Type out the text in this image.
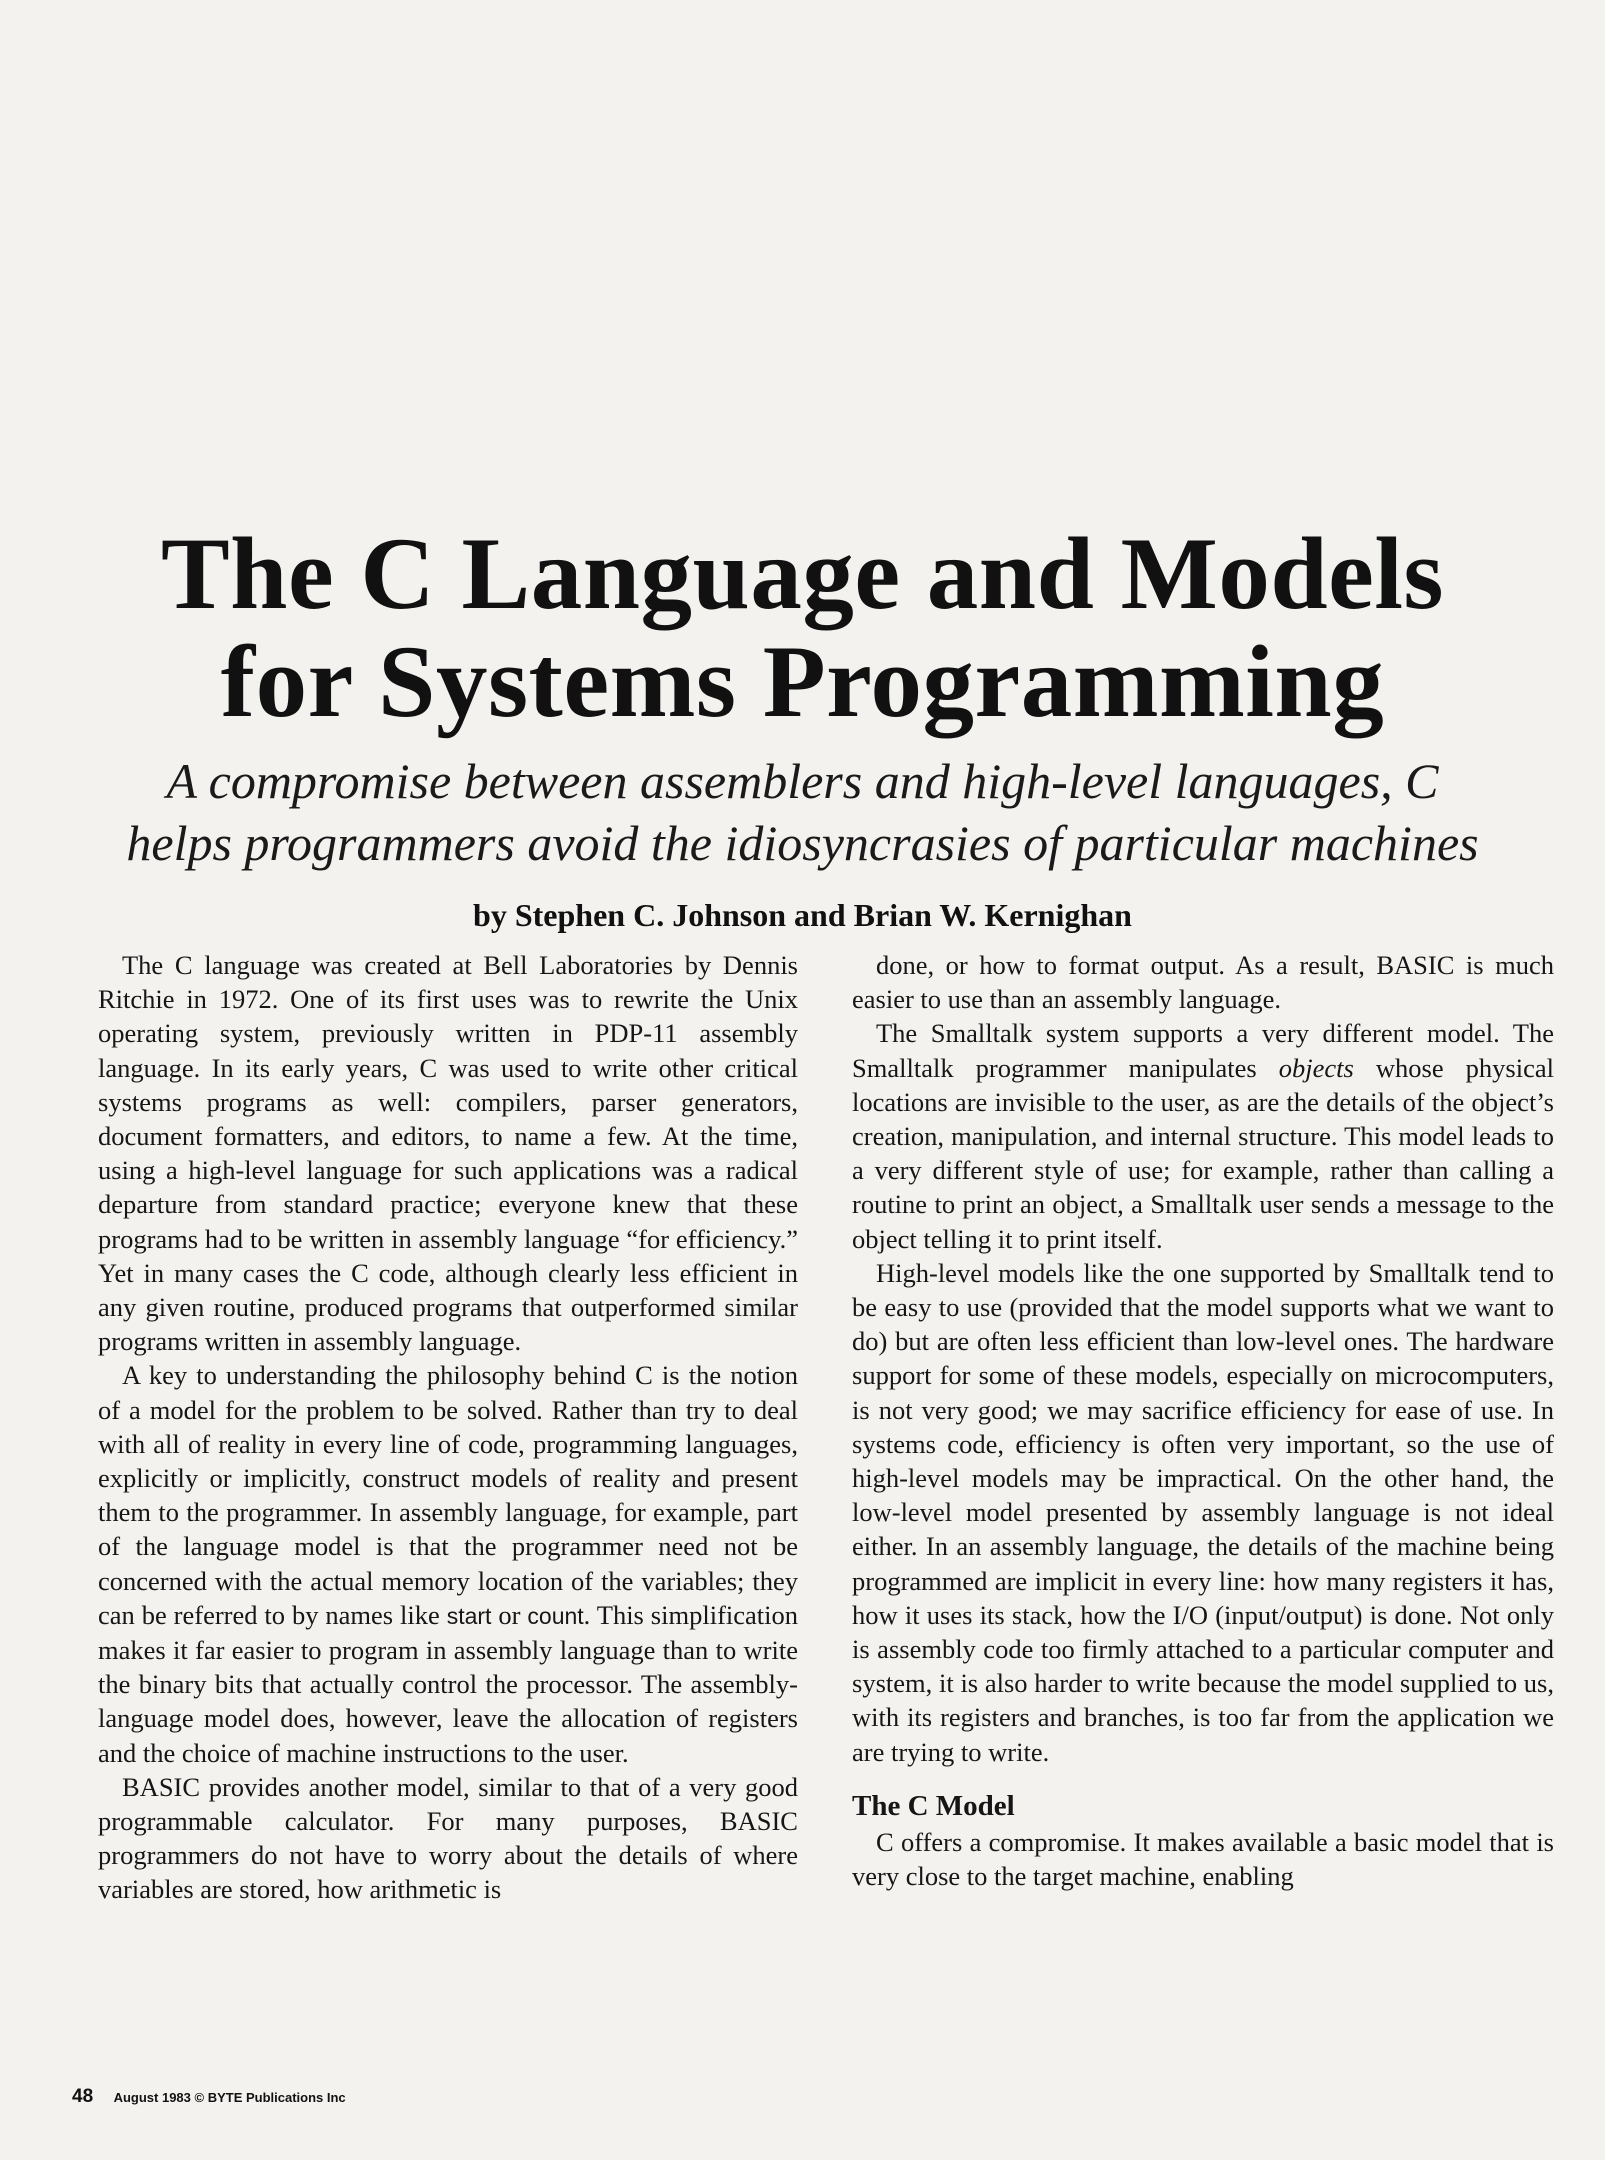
The C Language and Models
for Systems Programming
A compromise between assemblers and high-level languages, C
helps programmers avoid the idiosyncrasies of particular machines
by Stephen C. Johnson and Brian W. Kernighan

The C language was created at Bell Laboratories by Dennis Ritchie in 1972. One of its first uses was to rewrite the Unix operating system, previously written in PDP-11 assembly language. In its early years, C was used to write other critical systems programs as well: compilers, parser generators, document formatters, and editors, to name a few. At the time, using a high-level language for such applications was a radical departure from standard practice; everyone knew that these programs had to be written in assembly language “for efficiency.” Yet in many cases the C code, although clearly less efficient in any given routine, produced programs that outperformed similar programs written in assembly language.

A key to understanding the philosophy behind C is the notion of a model for the problem to be solved. Rather than try to deal with all of reality in every line of code, programming languages, explicitly or implicitly, construct models of reality and present them to the programmer. In assembly language, for example, part of the language model is that the programmer need not be concerned with the actual memory location of the variables; they can be referred to by names like start or count. This simplification makes it far easier to program in assembly language than to write the binary bits that actually control the processor. The assembly-language model does, however, leave the allocation of registers and the choice of machine instructions to the user.

BASIC provides another model, similar to that of a very good programmable calculator. For many purposes, BASIC programmers do not have to worry about the details of where variables are stored, how arithmetic is

done, or how to format output. As a result, BASIC is much easier to use than an assembly language.

The Smalltalk system supports a very different model. The Smalltalk programmer manipulates objects whose physical locations are invisible to the user, as are the details of the object’s creation, manipulation, and internal structure. This model leads to a very different style of use; for example, rather than calling a routine to print an object, a Smalltalk user sends a message to the object telling it to print itself.

High-level models like the one supported by Smalltalk tend to be easy to use (provided that the model supports what we want to do) but are often less efficient than low-level ones. The hardware support for some of these models, especially on microcomputers, is not very good; we may sacrifice efficiency for ease of use. In systems code, efficiency is often very important, so the use of high-level models may be impractical. On the other hand, the low-level model presented by assembly language is not ideal either. In an assembly language, the details of the machine being programmed are implicit in every line: how many registers it has, how it uses its stack, how the I/O (input/output) is done. Not only is assembly code too firmly attached to a particular computer and system, it is also harder to write because the model supplied to us, with its registers and branches, is too far from the application we are trying to write.

The C Model

C offers a compromise. It makes available a basic model that is very close to the target machine, enabling

48 August 1983 © BYTE Publications Inc
